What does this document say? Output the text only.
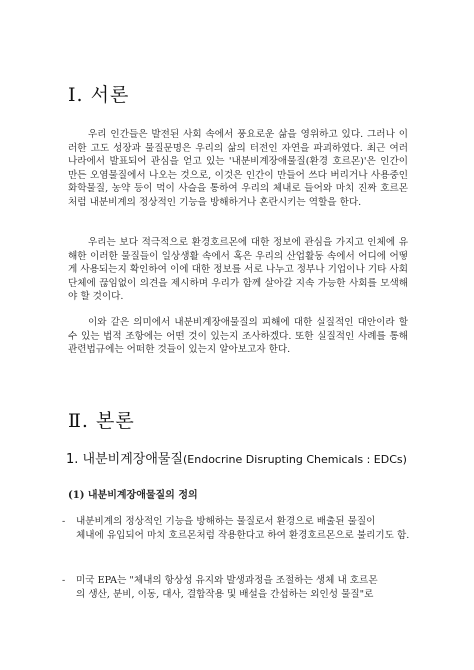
Ⅰ. 서론

우리 인간들은 발전된 사회 속에서 풍요로운 삶을 영위하고 있다. 그러나 이러한 고도 성장과 물질문명은 우리의 삶의 터전인 자연을 파괴하였다. 최근 여러 나라에서 발표되어 관심을 얻고 있는 '내분비계장애물질(환경 호르몬)'은 인간이 만든 오염물질에서 나오는 것으로, 이것은 인간이 만들어 쓰다 버리거나 사용중인 화학물질, 농약 등이 먹이 사슬을 통하여 우리의 체내로 들어와 마치 진짜 호르몬처럼 내분비계의 정상적인 기능을 방해하거나 혼란시키는 역할을 한다.

우리는 보다 적극적으로 환경호르몬에 대한 정보에 관심을 가지고 인체에 유해한 이러한 물질들이 일상생활 속에서 혹은 우리의 산업활동 속에서 어디에 어떻게 사용되는지 확인하여 이에 대한 정보를 서로 나누고 정부나 기업이나 기타 사회단체에 끊임없이 의견을 제시하며 우리가 함께 살아갈 지속 가능한 사회를 모색해야 할 것이다.

이와 같은 의미에서 내분비계장애물질의 피해에 대한 실질적인 대안이라 할 수 있는 법적 조항에는 어떤 것이 있는지 조사하겠다. 또한 실질적인 사례를 통해 관련법규에는 어떠한 것들이 있는지 알아보고자 한다.

Ⅱ. 본론
1. 내분비계장애물질(Endocrine Disrupting Chemicals : EDCs)
(1) 내분비계장애물질의 정의

- 내분비계의 정상적인 기능을 방해하는 물질로서 환경으로 배출된 물질이
체내에 유입되어 마치 호르몬처럼 작용한다고 하여 환경호르몬으로 불리기도 함.

- 미국 EPA는 "체내의 항상성 유지와 발생과정을 조절하는 생체 내 호르몬
의 생산, 분비, 이동, 대사, 결합작용 및 배설을 간섭하는 외인성 물질"로
